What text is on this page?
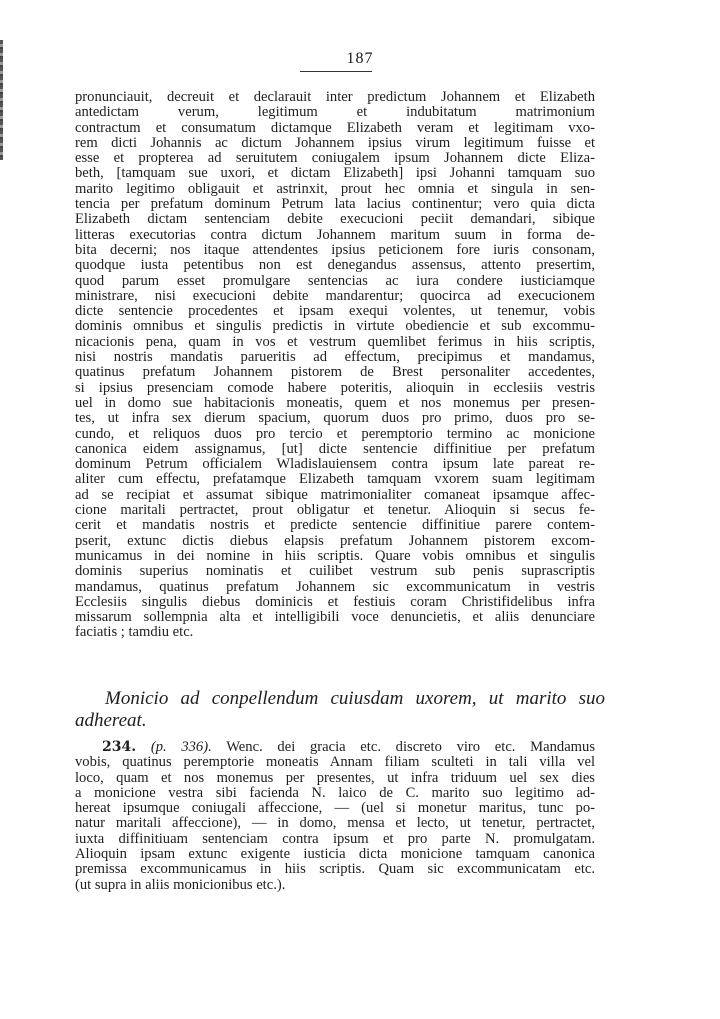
187
pronunciauit, decreuit et declarauit inter predictum Johannem et Elizabeth
antedictam verum, legitimum et indubitatum matrimonium
contractum et consumatum dictamque Elizabeth veram et legitimam vxo-
rem dicti Johannis ac dictum Johannem ipsius virum legitimum fuisse et
esse et propterea ad seruitutem coniugalem ipsum Johannem dicte Eliza-
beth, [tamquam sue uxori, et dictam Elizabeth] ipsi Johanni tamquam suo
marito legitimo obligauit et astrinxit, prout hec omnia et singula in sen-
tencia per prefatum dominum Petrum lata lacius continentur; vero quia dicta
Elizabeth dictam sentenciam debite execucioni peciit demandari, sibique
litteras executorias contra dictum Johannem maritum suum in forma de-
bita decerni; nos itaque attendentes ipsius peticionem fore iuris consonam,
quodque iusta petentibus non est denegandus assensus, attento presertim,
quod parum esset promulgare sentencias ac iura condere iusticiamque
ministrare, nisi execucioni debite mandarentur; quocirca ad execucionem
dicte sentencie procedentes et ipsam exequi volentes, ut tenemur, vobis
dominis omnibus et singulis predictis in virtute obediencie et sub excommu-
nicacionis pena, quam in vos et vestrum quemlibet ferimus in hiis scriptis,
nisi nostris mandatis parueritis ad effectum, precipimus et mandamus,
quatinus prefatum Johannem pistorem de Brest personaliter accedentes,
si ipsius presenciam comode habere poteritis, alioquin in ecclesiis vestris
uel in domo sue habitacionis moneatis, quem et nos monemus per presen-
tes, ut infra sex dierum spacium, quorum duos pro primo, duos pro se-
cundo, et reliquos duos pro tercio et peremptorio termino ac monicione
canonica eidem assignamus, [ut] dicte sentencie diffinitiue per prefatum
dominum Petrum officialem Wladislauiensem contra ipsum late pareat re-
aliter cum effectu, prefatamque Elizabeth tamquam vxorem suam legitimam
ad se recipiat et assumat sibique matrimonialiter comaneat ipsamque affec-
cione maritali pertractet, prout obligatur et tenetur. Alioquin si secus fe-
cerit et mandatis nostris et predicte sentencie diffinitiue parere contem-
pserit, extunc dictis diebus elapsis prefatum Johannem pistorem excom-
municamus in dei nomine in hiis scriptis. Quare vobis omnibus et singulis
dominis superius nominatis et cuilibet vestrum sub penis suprascriptis
mandamus, quatinus prefatum Johannem sic excommunicatum in vestris
Ecclesiis singulis diebus dominicis et festiuis coram Christifidelibus infra
missarum sollempnia alta et intelligibili voce denuncietis, et aliis denunciare
faciatis ; tamdiu etc.
Monicio ad conpellendum cuiusdam uxorem, ut marito suo
adhereat.
234. (p. 336). Wenc. dei gracia etc. discreto viro etc. Mandamus
vobis, quatinus peremptorie moneatis Annam filiam sculteti in tali villa vel
loco, quam et nos monemus per presentes, ut infra triduum uel sex dies
a monicione vestra sibi facienda N. laico de C. marito suo legitimo ad-
hereat ipsumque coniugali affeccione, — (uel si monetur maritus, tunc po-
natur maritali affeccione), — in domo, mensa et lecto, ut tenetur, pertractet,
iuxta diffinitiuam sentenciam contra ipsum et pro parte N. promulgatam.
Alioquin ipsam extunc exigente iusticia dicta monicione tamquam canonica
premissa excommunicamus in hiis scriptis. Quam sic excommunicatam etc.
(ut supra in aliis monicionibus etc.).
